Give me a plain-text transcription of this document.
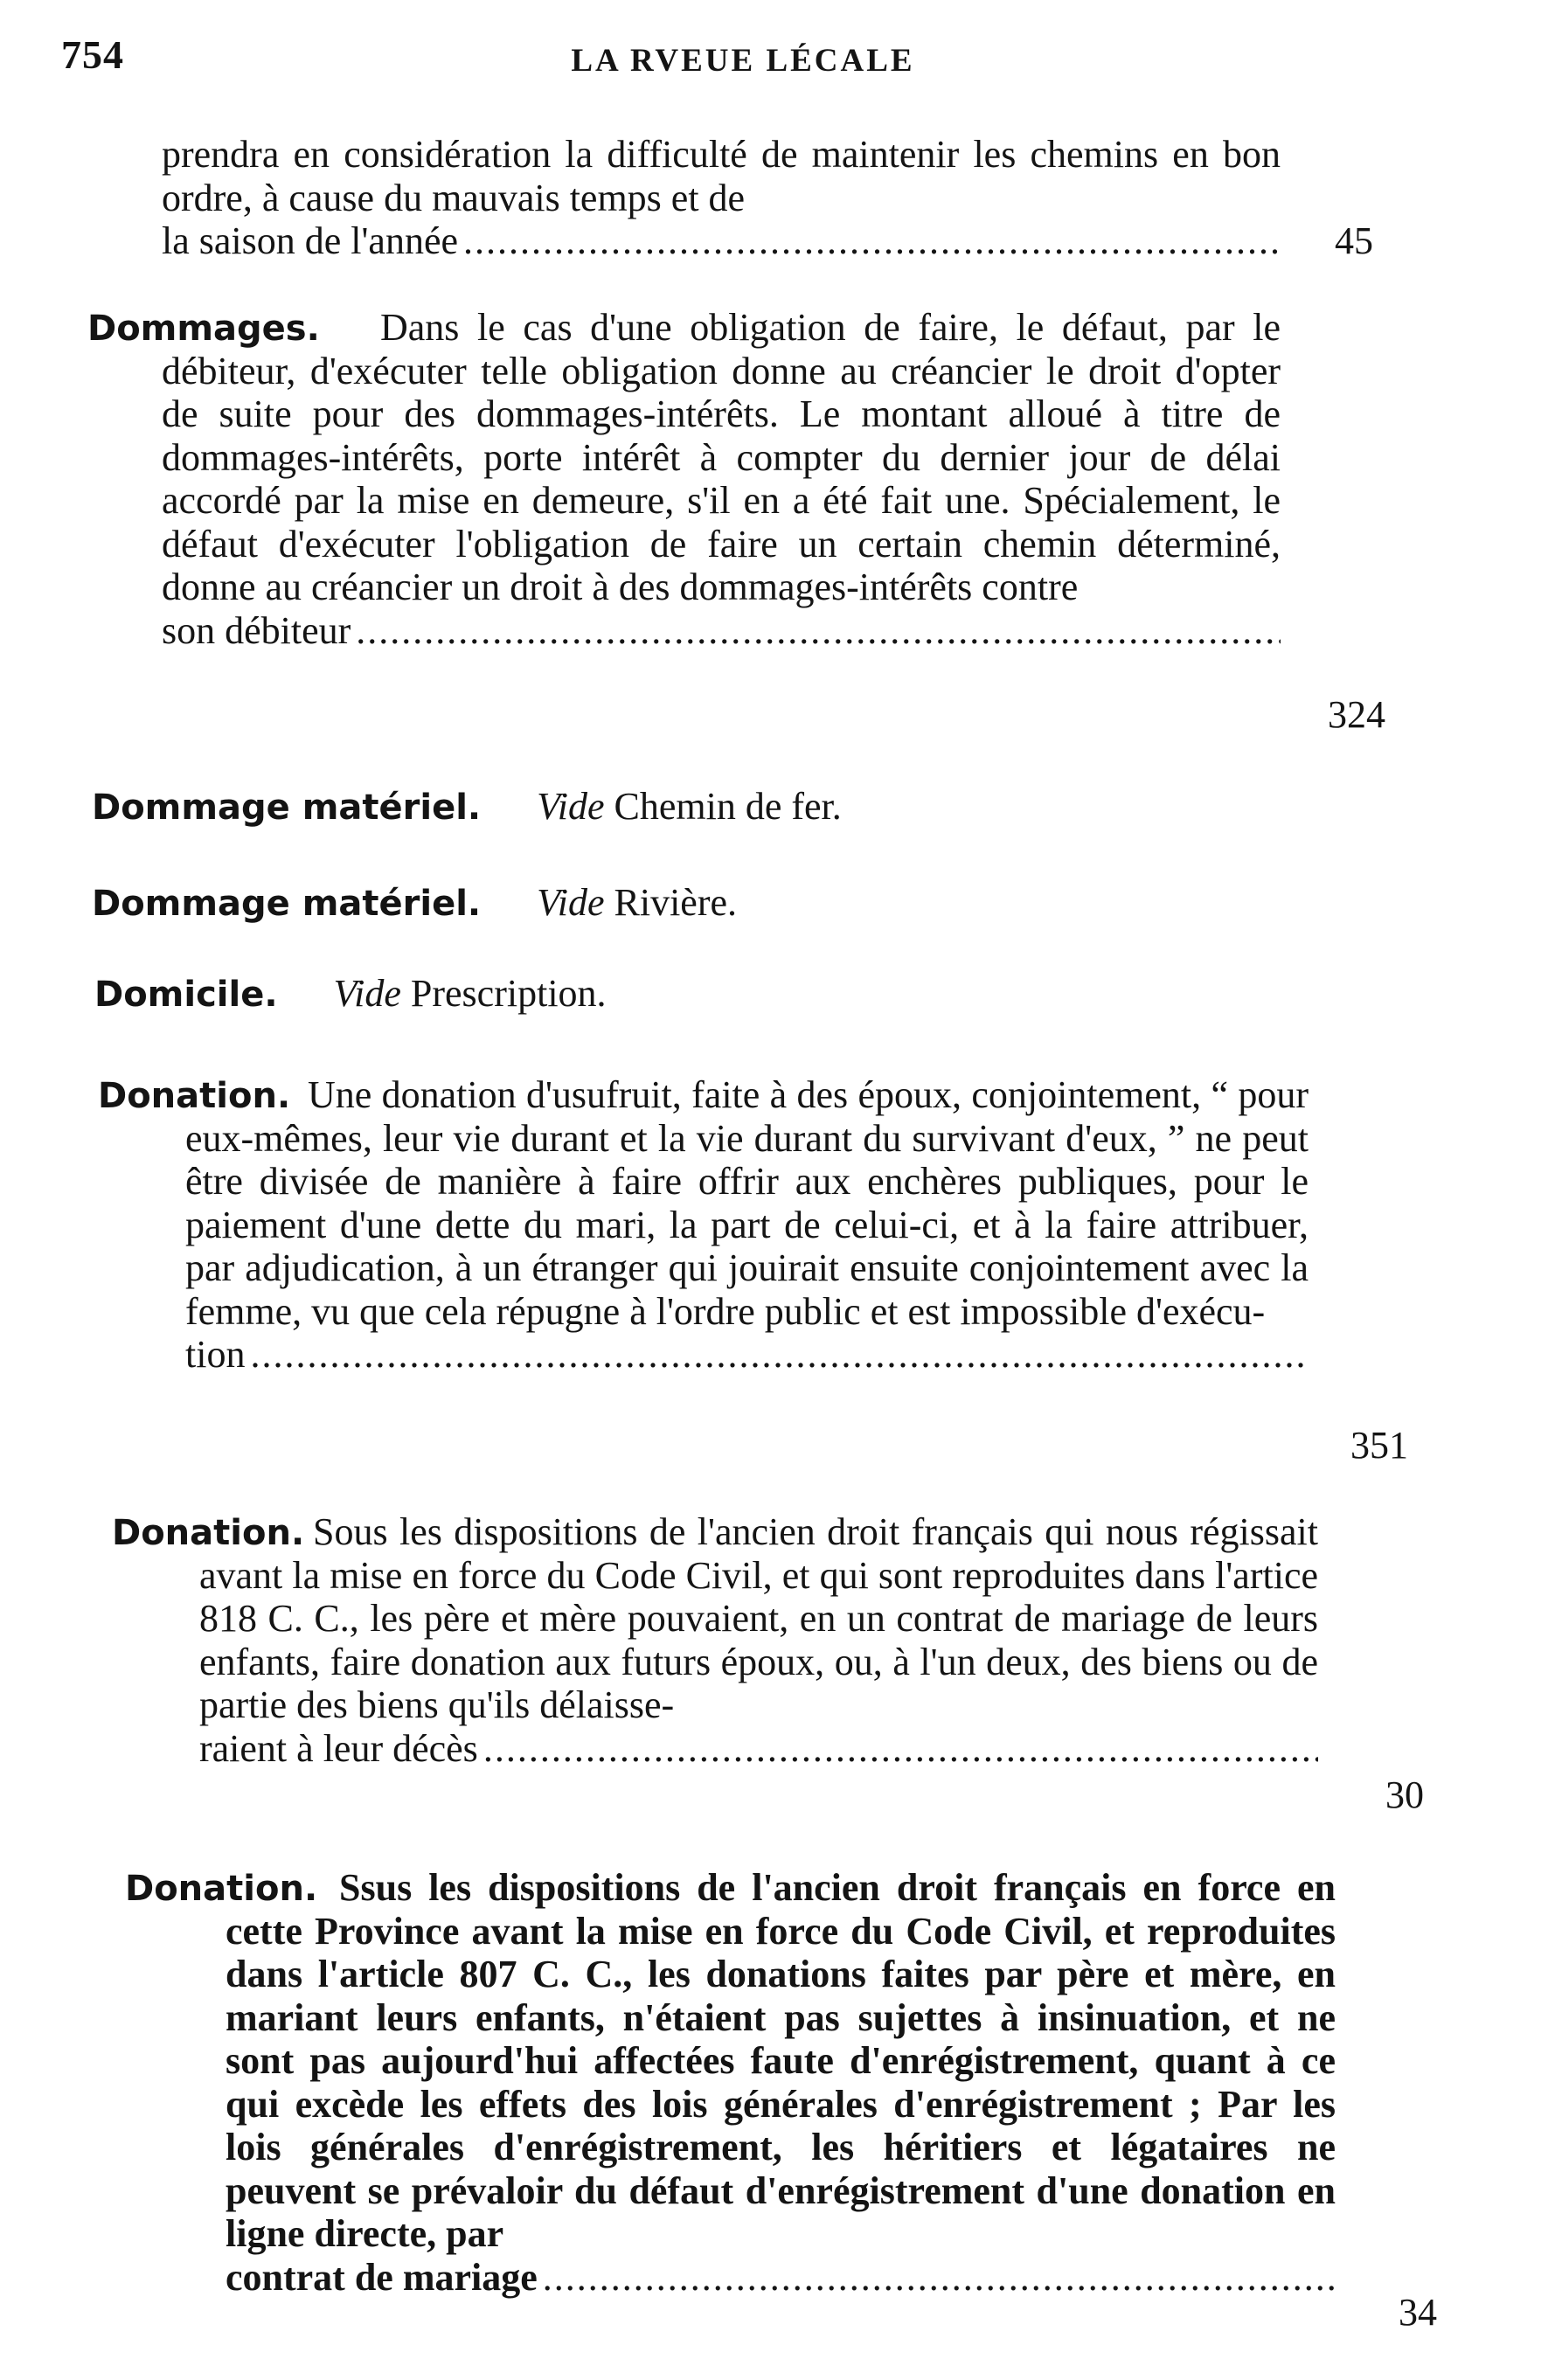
754	LA RVEUE LÉCALE
prendra en considération la difficulté de maintenir les chemins en bon ordre, à cause du mauvais temps et de
la saison de l'année
.....	45
Dommages. Dans le cas d'une obligation de faire, le défaut, par le débiteur, d'exécuter telle obligation donne au créancier le droit d'opter de suite pour des dommages-intérêts. Le montant alloué à titre de dommages-intérêts, porte intérêt à compter du dernier jour de délai accordé par la mise en demeure, s'il en a été fait une. Spécialement, le défaut d'exécuter l'obligation de faire un certain chemin déterminé, donne au créancier un droit à des dommages-intérêts contre
son débiteur
.....
324
Dommage matériel. Vide Chemin de fer.
Dommage matériel. Vide Rivière.
Domicile. Vide Prescription.
Donation. Une donation d'usufruit, faite à des époux, conjointement, “ pour eux-mêmes, leur vie durant et la vie durant du survivant d'eux, ” ne peut être divisée de manière à faire offrir aux enchères publiques, pour le paiement d'une dette du mari, la part de celui-ci, et à la faire attribuer, par adjudication, à un étranger qui jouirait ensuite conjointement avec la femme, vu que cela répugne à l'ordre public et est impossible d'exécu-
tion
.....
351
Donation. Sous les dispositions de l'ancien droit français qui nous régissait avant la mise en force du Code Civil, et qui sont reproduites dans l'artice 818 C. C., les père et mère pouvaient, en un contrat de mariage de leurs enfants, faire donation aux futurs époux, ou, à l'un deux, des biens ou de partie des biens qu'ils délaisse-
raient à leur décès
.....
30
Donation. Ssus les dispositions de l'ancien droit français en force en cette Province avant la mise en force du Code Civil, et reproduites dans l'article 807 C. C., les donations faites par père et mère, en mariant leurs enfants, n'étaient pas sujettes à insinuation, et ne sont pas aujourd'hui affectées faute d'enrégistrement, quant à ce qui excède les effets des lois générales d'enrégistrement ; Par les lois générales d'enrégistrement, les héritiers et légataires ne peuvent se prévaloir du défaut d'enrégistrement d'une donation en ligne directe, par
contrat de mariage
.....
34
